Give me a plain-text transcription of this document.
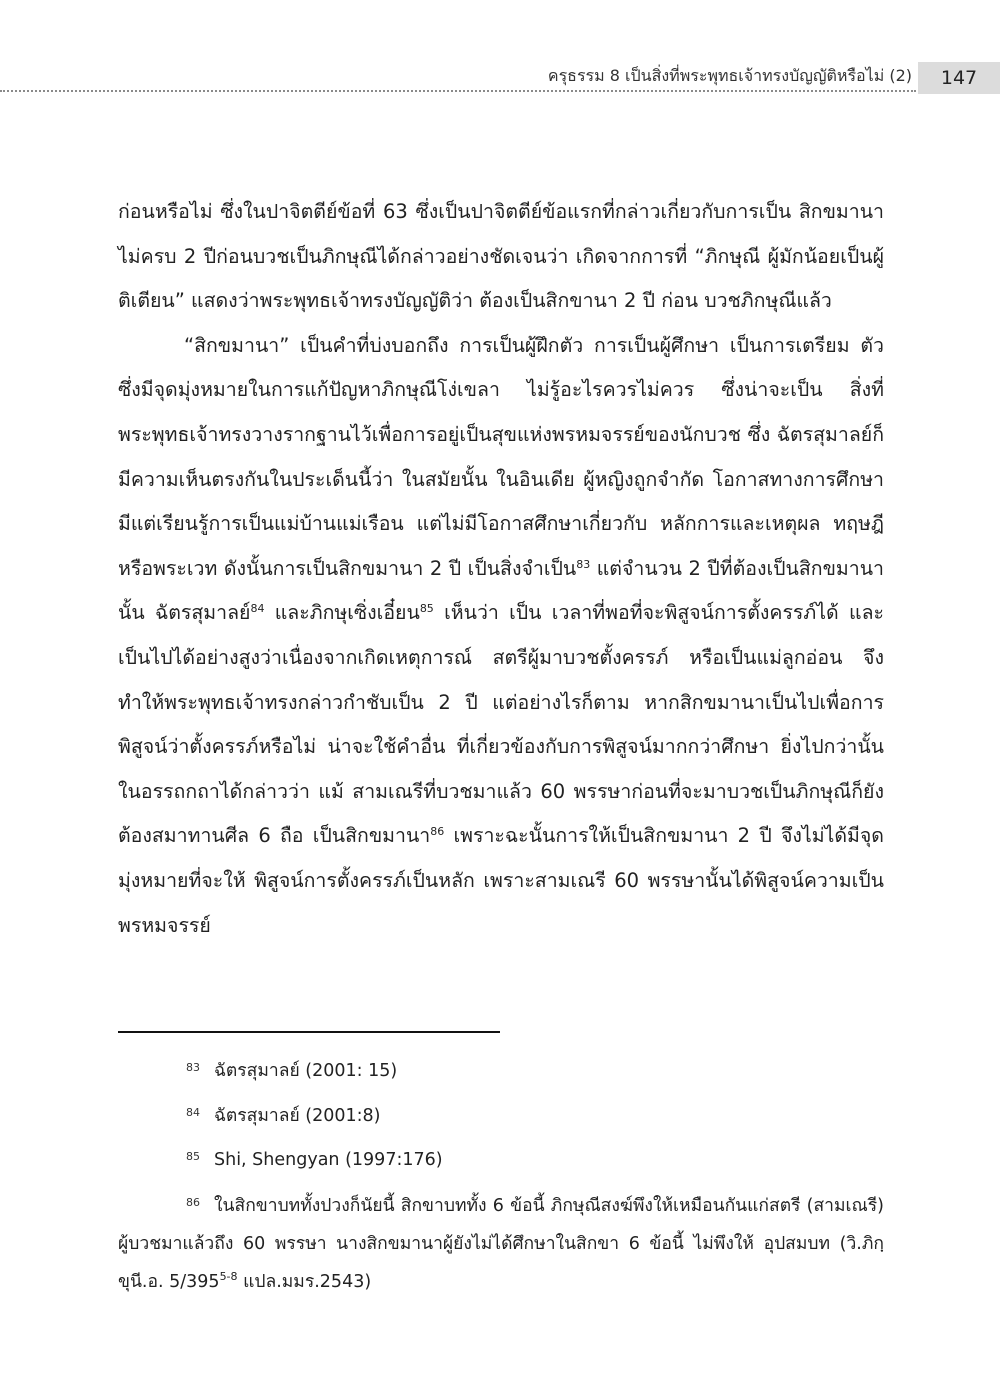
ครุธรรม 8 เป็นสิ่งที่พระพุทธเจ้าทรงบัญญัติหรือไม่ (2)	147

ก่อนหรือไม่ ซึ่งในปาจิตตีย์ข้อที่ 63 ซึ่งเป็นปาจิตตีย์ข้อแรกที่กล่าวเกี่ยวกับการเป็น สิกขมานาไม่ครบ 2 ปีก่อนบวชเป็นภิกษุณีได้กล่าวอย่างชัดเจนว่า เกิดจากการที่ “ภิกษุณี ผู้มักน้อยเป็นผู้ติเตียน” แสดงว่าพระพุทธเจ้าทรงบัญญัติว่า ต้องเป็นสิกขานา 2 ปี ก่อน บวชภิกษุณีแล้ว

“สิกขมานา” เป็นคำที่บ่งบอกถึง การเป็นผู้ฝึกตัว การเป็นผู้ศึกษา เป็นการเตรียม ตัว ซึ่งมีจุดมุ่งหมายในการแก้ปัญหาภิกษุณีโง่เขลา ไม่รู้อะไรควรไม่ควร ซึ่งน่าจะเป็น สิ่งที่พระพุทธเจ้าทรงวางรากฐานไว้เพื่อการอยู่เป็นสุขแห่งพรหมจรรย์ของนักบวช ซึ่ง ฉัตรสุมาลย์ก็มีความเห็นตรงกันในประเด็นนี้ว่า ในสมัยนั้น ในอินเดีย ผู้หญิงถูกจำกัด โอกาสทางการศึกษา มีแต่เรียนรู้การเป็นแม่บ้านแม่เรือน แต่ไม่มีโอกาสศึกษาเกี่ยวกับ หลักการและเหตุผล ทฤษฎี หรือพระเวท ดังนั้นการเป็นสิกขมานา 2 ปี เป็นสิ่งจำเป็น$^{83}$ แต่จำนวน 2 ปีที่ต้องเป็นสิกขมานานั้น ฉัตรสุมาลย์$^{84}$ และภิกษุเซิ่งเอี๋ยน$^{85}$ เห็นว่า เป็น เวลาที่พอที่จะพิสูจน์การตั้งครรภ์ได้ และเป็นไปได้อย่างสูงว่าเนื่องจากเกิดเหตุการณ์ สตรีผู้มาบวชตั้งครรภ์ หรือเป็นแม่ลูกอ่อน จึงทำให้พระพุทธเจ้าทรงกล่าวกำชับเป็น 2 ปี แต่อย่างไรก็ตาม หากสิกขมานาเป็นไปเพื่อการพิสูจน์ว่าตั้งครรภ์หรือไม่ น่าจะใช้คำอื่น ที่เกี่ยวข้องกับการพิสูจน์มากกว่าศึกษา ยิ่งไปกว่านั้นในอรรถกถาได้กล่าวว่า แม้ สามเณรีที่บวชมาแล้ว 60 พรรษาก่อนที่จะมาบวชเป็นภิกษุณีก็ยังต้องสมาทานศีล 6 ถือ เป็นสิกขมานา$^{86}$ เพราะฉะนั้นการให้เป็นสิกขมานา 2 ปี จึงไม่ได้มีจุดมุ่งหมายที่จะให้ พิสูจน์การตั้งครรภ์เป็นหลัก เพราะสามเณรี 60 พรรษานั้นได้พิสูจน์ความเป็นพรหมจรรย์

$^{83}$ ฉัตรสุมาลย์ (2001: 15)
$^{84}$ ฉัตรสุมาลย์ (2001:8)
$^{85}$ Shi, Shengyan (1997:176)
$^{86}$ ในสิกขาบททั้งปวงก็นัยนี้ สิกขาบททั้ง 6 ข้อนี้ ภิกษุณีสงฆ์พึงให้เหมือนกันแก่สตรี (สามเณรี) ผู้บวชมาแล้วถึง 60 พรรษา นางสิกขมานาผู้ยังไม่ได้ศึกษาในสิกขา 6 ข้อนี้ ไม่พึงให้ อุปสมบท (วิ.ภิกฺขุนี.อ. 5/395$^{5-8}$ แปล.มมร.2543)
